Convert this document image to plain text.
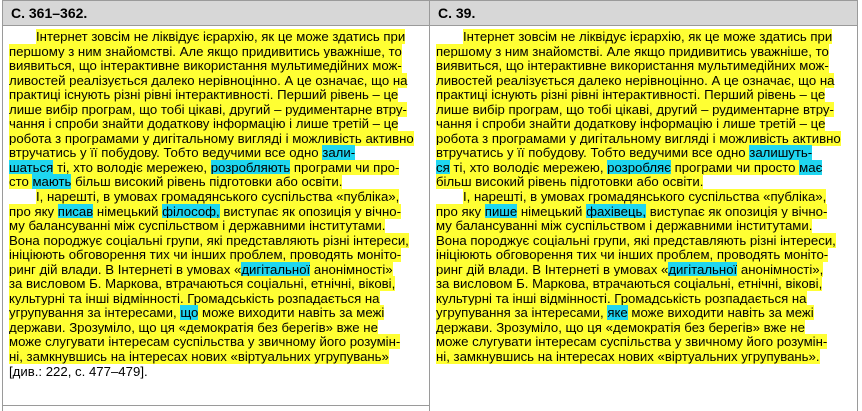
С. 361–362.
Інтернет зовсім не ліквідує ієрархію, як це може здатись при
першому з ним знайомстві. Але якщо придивитись уважніше, то
виявиться, що інтерактивне використання мультимедійних мож-
ливостей реалізується далеко нерівноцінно. А це означає, що на
практиці існують різні рівні інтерактивності. Перший рівень – це
лише вибір програм, що тобі цікаві, другий – рудиментарне втру-
чання і спроби знайти додаткову інформацію і лише третій – це
робота з програмами у дигітальному вигляді і можливість активно
втручатись у її побудову. Тобто ведучими все одно зали-
шаться ті, хто володіє мережею, розробляють програми чи про-
сто мають більш високий рівень підготовки або освіти.
І, нарешті, в умовах громадянського суспільства «публіка»,
про яку писав німецький філософ, виступає як опозиція у вічно-
му балансуванні між суспільством і державними інститутами.
Вона породжує соціальні групи, які представляють різні інтереси,
ініціюють обговорення тих чи інших проблем, проводять моніто-
ринг дій влади. В Інтернеті в умовах «дигітальної анонімності»
за висловом Б. Маркова, втрачаються соціальні, етнічні, вікові,
культурні та інші відмінності. Громадськість розпадається на
угрупування за інтересами, що може виходити навіть за межі
держави. Зрозуміло, що ця «демократія без берегів» вже не
може слугувати інтересам суспільства у звичному його розумін-
ні, замкнувшись на інтересах нових «віртуальних угрупувань»
[див.: 222, с. 477–479].
С. 39.
Інтернет зовсім не ліквідує ієрархію, як це може здатись при
першому з ним знайомстві. Але якщо придивитись уважніше, то
виявиться, що інтерактивне використання мультимедійних мож-
ливостей реалізується далеко нерівноцінно. А це означає, що на
практиці існують різні рівні інтерактивності. Перший рівень – це
лише вибір програм, що тобі цікаві, другий – рудиментарне втру-
чання і спроби знайти додаткову інформацію і лише третій – це
робота з програмами у дигітальному вигляді і можливість активно
втручатись у її побудову. Тобто ведучими все одно залишуть-
ся ті, хто володіє мережею, розробляє програми чи просто має
більш високий рівень підготовки або освіти.
І, нарешті, в умовах громадянського суспільства «публіка»,
про яку пише німецький фахівець, виступає як опозиція у вічно-
му балансуванні між суспільством і державними інститутами.
Вона породжує соціальні групи, які представляють різні інтереси,
ініціюють обговорення тих чи інших проблем, проводять моніто-
ринг дій влади. В Інтернеті в умовах «дигітальної анонімності»,
за висловом Б. Маркова, втрачаються соціальні, етнічні, вікові,
культурні та інші відмінності. Громадськість розпадається на
угрупування за інтересами, яке може виходити навіть за межі
держави. Зрозуміло, що ця «демократія без берегів» вже не
може слугувати інтересам суспільства у звичному його розумін-
ні, замкнувшись на інтересах нових «віртуальних угрупувань».
